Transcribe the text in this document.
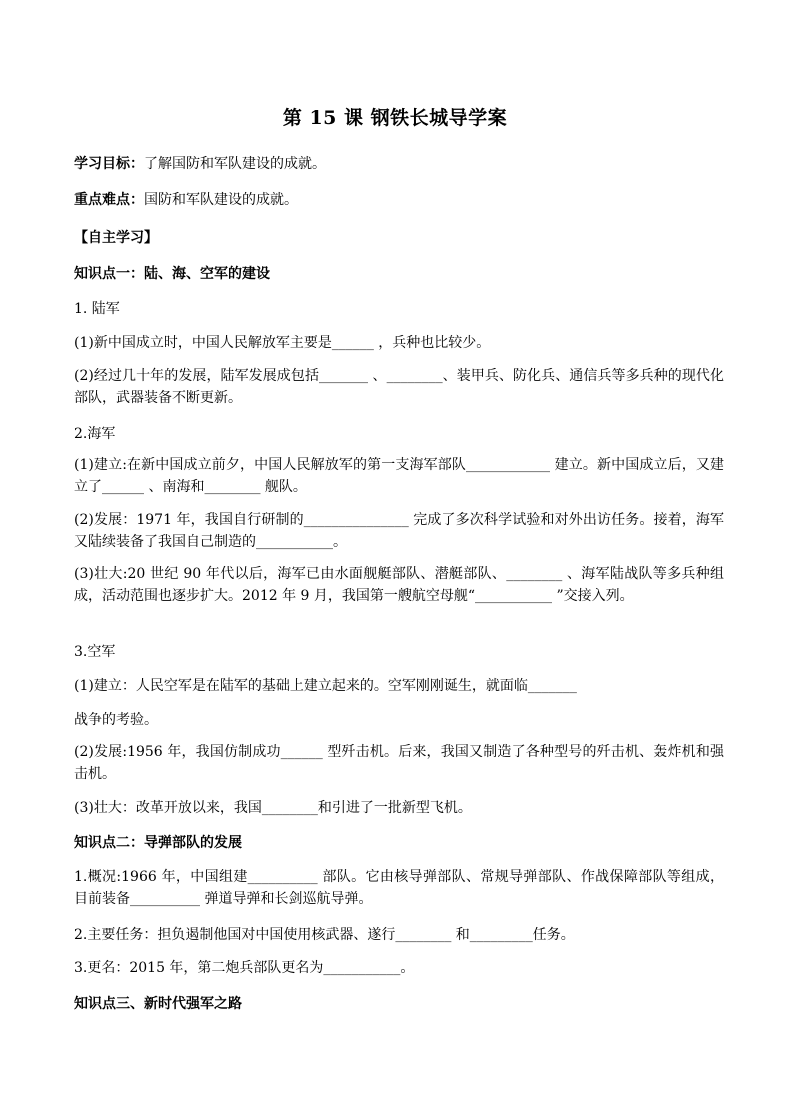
第 15 课 钢铁长城导学案
学习目标：了解国防和军队建设的成就。
重点难点：国防和军队建设的成就。
【自主学习】
知识点一：陆、海、空军的建设
1. 陆军
(1)新中国成立时，中国人民解放军主要是______ ，兵种也比较少。
(2)经过几十年的发展，陆军发展成包括_______ 、________、装甲兵、防化兵、通信兵等多兵种的现代化部队，武器装备不断更新。
2.海军
(1)建立:在新中国成立前夕，中国人民解放军的第一支海军部队____________ 建立。新中国成立后，又建立了______ 、南海和________ 舰队。
(2)发展：1971 年，我国自行研制的_______________ 完成了多次科学试验和对外出访任务。接着，海军又陆续装备了我国自己制造的___________。
(3)壮大:20 世纪 90 年代以后，海军已由水面舰艇部队、潜艇部队、________ 、海军陆战队等多兵种组成，活动范围也逐步扩大。2012 年 9 月，我国第一艘航空母舰“___________ ”交接入列。
3.空军
(1)建立：人民空军是在陆军的基础上建立起来的。空军刚刚诞生，就面临_______
战争的考验。
(2)发展:1956 年，我国仿制成功______ 型歼击机。后来，我国又制造了各种型号的歼击机、轰炸机和强击机。
(3)壮大：改革开放以来，我国________和引进了一批新型飞机。
知识点二：导弹部队的发展
1.概况:1966 年，中国组建__________ 部队。它由核导弹部队、常规导弹部队、作战保障部队等组成，目前装备__________ 弹道导弹和长剑巡航导弹。
2.主要任务：担负遏制他国对中国使用核武器、遂行________ 和_________任务。
3.更名：2015 年，第二炮兵部队更名为___________。
知识点三、新时代强军之路
